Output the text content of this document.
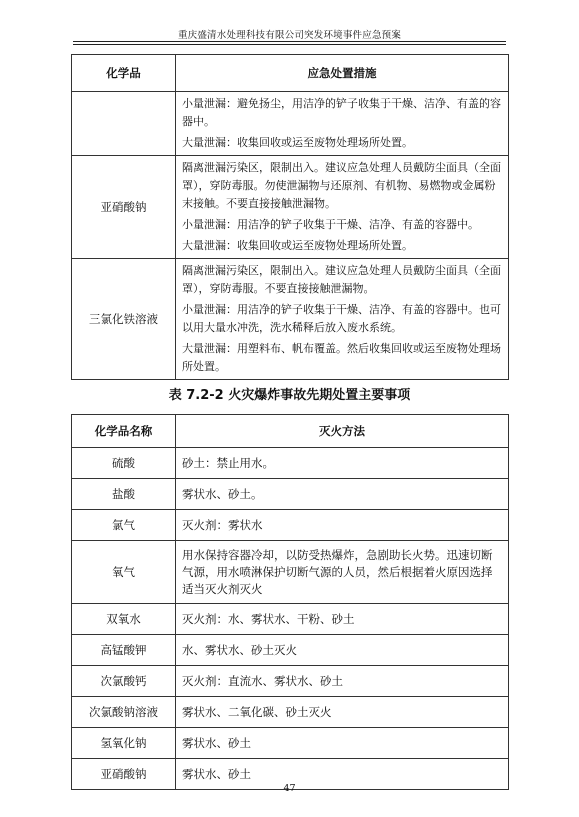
重庆盛清水处理科技有限公司突发环境事件应急预案
化学品	应急处置措施

	小量泄漏：避免扬尘，用洁净的铲子收集于干燥、洁净、有盖的容器中。

大量泄漏：收集回收或运至废物处理场所处置。

亚硝酸钠	隔离泄漏污染区，限制出入。建议应急处理人员戴防尘面具（全面罩），穿防毒服。勿使泄漏物与还原剂、有机物、易燃物或金属粉末接触。不要直接接触泄漏物。

小量泄漏：用洁净的铲子收集于干燥、洁净、有盖的容器中。

大量泄漏：收集回收或运至废物处理场所处置。

三氯化铁溶液	隔离泄漏污染区，限制出入。建议应急处理人员戴防尘面具（全面罩），穿防毒服。不要直接接触泄漏物。

小量泄漏：用洁净的铲子收集于干燥、洁净、有盖的容器中。也可以用大量水冲洗，洗水稀释后放入废水系统。

大量泄漏：用塑料布、帆布覆盖。然后收集回收或运至废物处理场所处置。

表 7.2-2 火灾爆炸事故先期处置主要事项
化学品名称	灭火方法
硫酸	砂土：禁止用水。
盐酸	雾状水、砂土。
氯气	灭火剂：雾状水
氧气	用水保持容器冷却，以防受热爆炸，急剧助长火势。迅速切断气源，用水喷淋保护切断气源的人员，然后根据着火原因选择适当灭火剂灭火
双氧水	灭火剂：水、雾状水、干粉、砂土
高锰酸钾	水、雾状水、砂土灭火
次氯酸钙	灭火剂：直流水、雾状水、砂土
次氯酸钠溶液	雾状水、二氧化碳、砂土灭火
氢氧化钠	雾状水、砂土
亚硝酸钠	雾状水、砂土
47
